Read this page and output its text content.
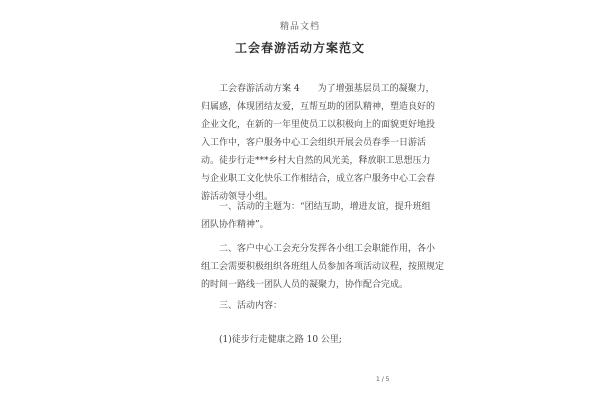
精品文档
工会春游活动方案范文
工会春游活动方案 4　　为了增强基层员工的凝聚力，
归属感，体现团结友爱，互帮互助的团队精神，塑造良好的
企业文化，在新的一年里使员工以积极向上的面貌更好地投
入工作中，客户服务中心工会组织开展会员春季一日游活
动。徒步行走***乡村大自然的风光美，释放职工思想压力
与企业职工文化快乐工作相结合，成立客户服务中心工会春
游活动领导小组。
一、活动的主题为：“团结互助，增进友谊，提升班组
团队协作精神”。
二、客户中心工会充分发挥各小组工会职能作用，各小
组工会需要积极组织各班组人员参加各项活动议程，按照规定
的时间一路线一团队人员的凝聚力，协作配合完成。
三、活动内容：
(1)徒步行走健康之路 10 公里;
1 / 5
